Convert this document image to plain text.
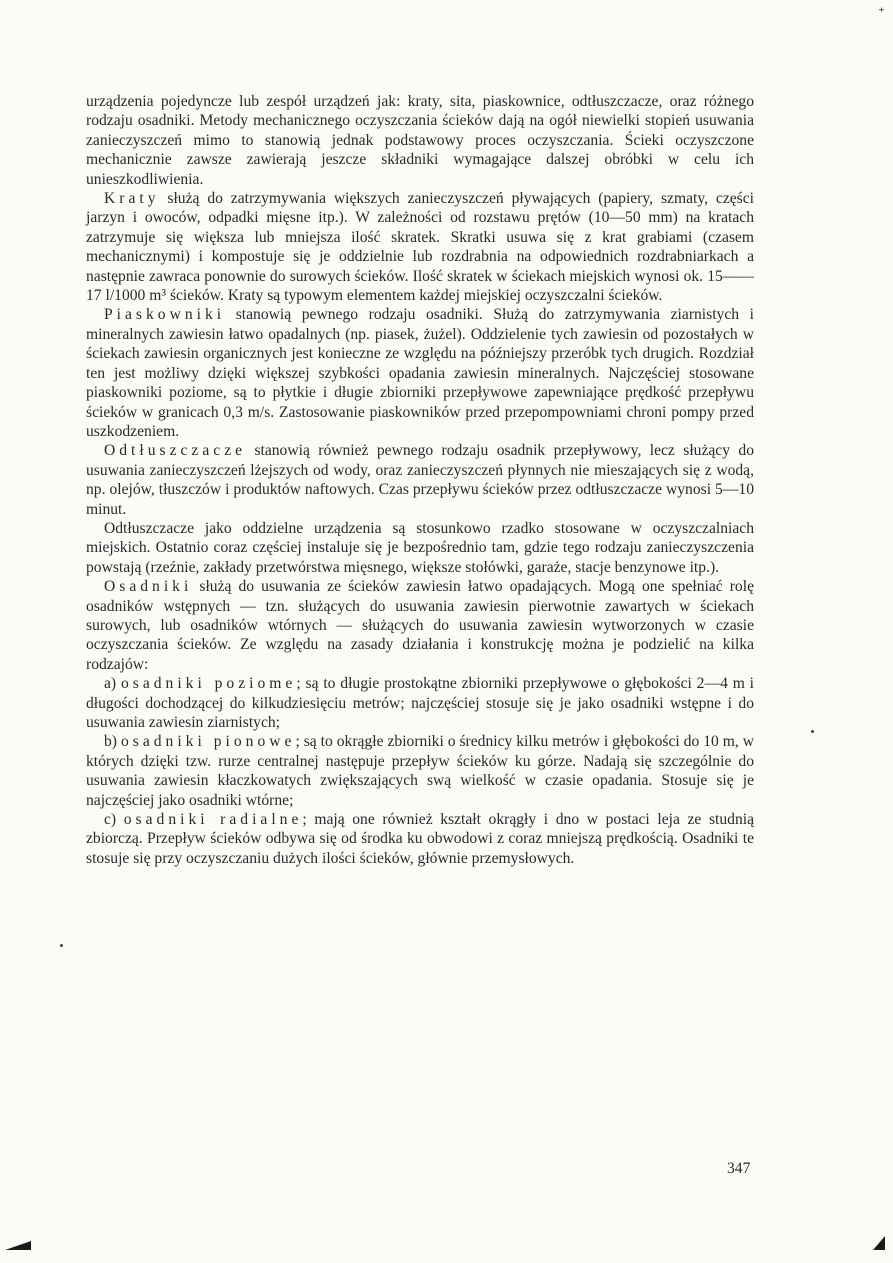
urządzenia pojedyncze lub zespół urządzeń jak: kraty, sita, piaskownice, odtłuszczacze, oraz różnego rodzaju osadniki. Metody mechanicznego oczyszczania ścieków dają na ogół niewielki stopień usuwania zanieczyszczeń mimo to stanowią jednak podstawowy proces oczyszczania. Ścieki oczyszczone mechanicznie zawsze zawierają jeszcze składniki wymagające dalszej obróbki w celu ich unieszkodliwienia.

Kraty służą do zatrzymywania większych zanieczyszczeń pływających (papiery, szmaty, części jarzyn i owoców, odpadki mięsne itp.). W zależności od rozstawu prętów (10—50 mm) na kratach zatrzymuje się większa lub mniejsza ilość skratek. Skratki usuwa się z krat grabiami (czasem mechanicznymi) i kompostuje się je oddzielnie lub rozdrabnia na odpowiednich rozdrabniarkach a następnie zawraca ponownie do surowych ścieków. Ilość skratek w ściekach miejskich wynosi ok. 15—​—17 l/1000 m³ ścieków. Kraty są typowym elementem każdej miejskiej oczyszczalni ścieków.

Piaskowniki stanowią pewnego rodzaju osadniki. Służą do zatrzymywania ziarnistych i mineralnych zawiesin łatwo opadalnych (np. piasek, żużel). Oddzielenie tych zawiesin od pozostałych w ściekach zawiesin organicznych jest konieczne ze względu na późniejszy przeróbk tych drugich. Rozdział ten jest możliwy dzięki większej szybkości opadania zawiesin mineralnych. Najczęściej stosowane piaskowniki poziome, są to płytkie i długie zbiorniki przepływowe zapewniające prędkość przepływu ścieków w granicach 0,3 m/s. Zastosowanie piaskowników przed przepompowniami chroni pompy przed uszkodzeniem.

Odtłuszczacze stanowią również pewnego rodzaju osadnik przepływowy, lecz służący do usuwania zanieczyszczeń lżejszych od wody, oraz zanieczyszczeń płynnych nie mieszających się z wodą, np. olejów, tłuszczów i produktów naftowych. Czas przepływu ścieków przez odtłuszczacze wynosi 5—10 minut.

Odtłuszczacze jako oddzielne urządzenia są stosunkowo rzadko stosowane w oczyszczalniach miejskich. Ostatnio coraz częściej instaluje się je bezpośrednio tam, gdzie tego rodzaju zanieczyszczenia powstają (rzeźnie, zakłady przetwórstwa mięsnego, większe stołówki, garaże, stacje benzynowe itp.).

Osadniki służą do usuwania ze ścieków zawiesin łatwo opadających. Mogą one spełniać rolę osadników wstępnych — tzn. służących do usuwania zawiesin pierwotnie zawartych w ściekach surowych, lub osadników wtórnych — służących do usuwania zawiesin wytworzonych w czasie oczyszczania ścieków. Ze względu na zasady działania i konstrukcję można je podzielić na kilka rodzajów:

a) osadniki poziome; są to długie prostokątne zbiorniki przepływowe o głębokości 2—4 m i długości dochodzącej do kilkudziesięciu metrów; najczęściej stosuje się je jako osadniki wstępne i do usuwania zawiesin ziarnistych;

b) osadniki pionowe; są to okrągłe zbiorniki o średnicy kilku metrów i głębokości do 10 m, w których dzięki tzw. rurze centralnej następuje przepływ ścieków ku górze. Nadają się szczególnie do usuwania zawiesin kłaczkowatych zwiększających swą wielkość w czasie opadania. Stosuje się je najczęściej jako osadniki wtórne;

c) osadniki radialne; mają one również kształt okrągły i dno w postaci leja ze studnią zbiorczą. Przepływ ścieków odbywa się od środka ku obwodowi z coraz mniejszą prędkością. Osadniki te stosuje się przy oczyszczaniu dużych ilości ścieków, głównie przemysłowych.

347
⁺
